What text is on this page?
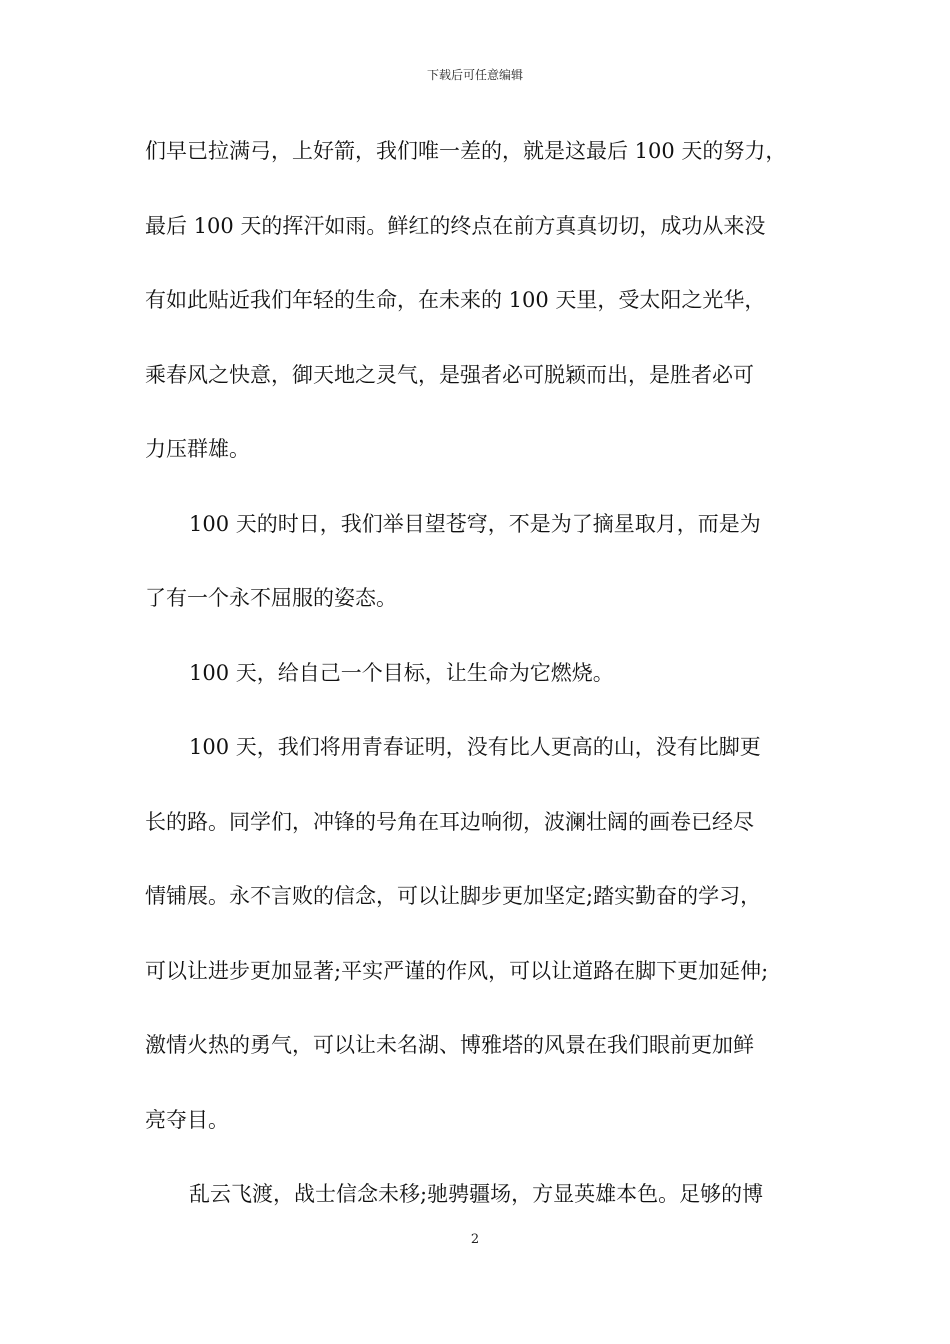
下载后可任意编辑
们早已拉满弓，上好箭，我们唯一差的，就是这最后 100 天的努力，
最后 100 天的挥汗如雨。鲜红的终点在前方真真切切，成功从来没
有如此贴近我们年轻的生命，在未来的 100 天里，受太阳之光华，
乘春风之快意，御天地之灵气，是强者必可脱颖而出，是胜者必可
力压群雄。
100 天的时日，我们举目望苍穹，不是为了摘星取月，而是为
了有一个永不屈服的姿态。
100 天，给自己一个目标，让生命为它燃烧。
100 天，我们将用青春证明，没有比人更高的山，没有比脚更
长的路。同学们，冲锋的号角在耳边响彻，波澜壮阔的画卷已经尽
情铺展。永不言败的信念，可以让脚步更加坚定;踏实勤奋的学习，
可以让进步更加显著;平实严谨的作风，可以让道路在脚下更加延伸;
激情火热的勇气，可以让未名湖、博雅塔的风景在我们眼前更加鲜
亮夺目。
乱云飞渡，战士信念未移;驰骋疆场，方显英雄本色。足够的博
2
